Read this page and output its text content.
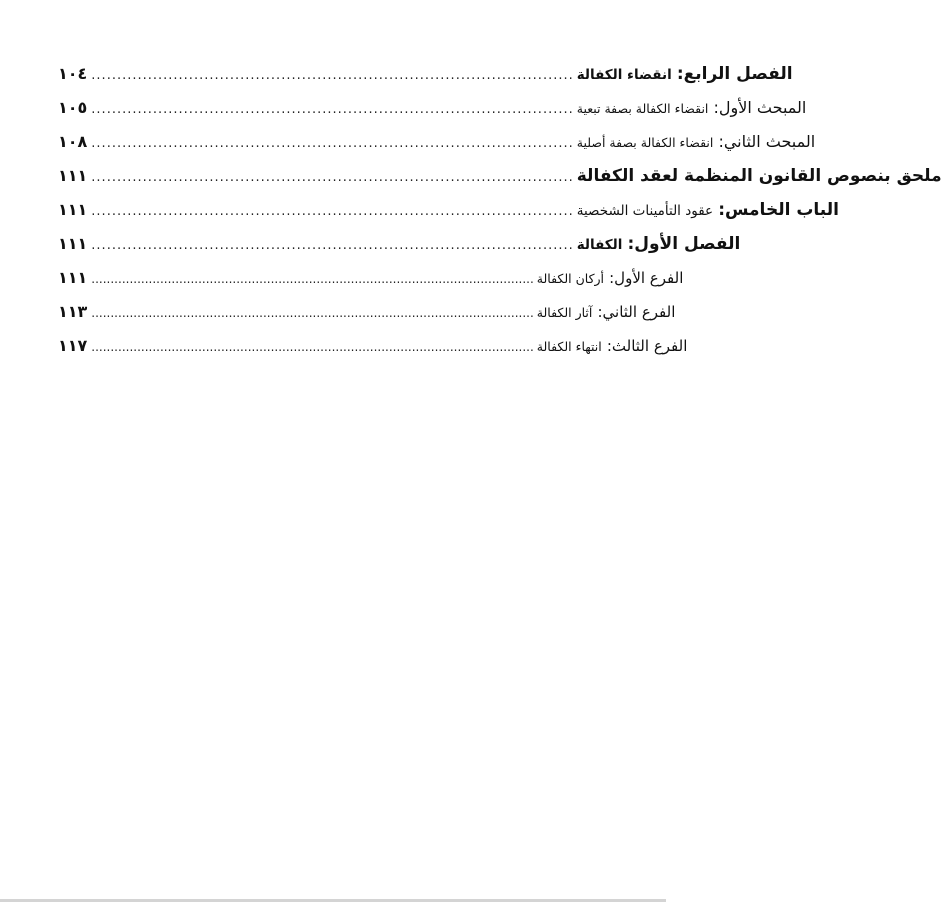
١٠٤ ..............................................................................................	الفصل الرابع: انقضاء الكفالة
١٠٥ ..............................................................................................	المبحث الأول: انقضاء الكفالة بصفة تبعية
١٠٨ ..............................................................................................	المبحث الثاني: انقضاء الكفالة بصفة أصلية
١١١ .............................................................................................. ملحق بنصوص القانون المنظمة لعقد الكفالة
١١١ ..............................................................................................	الباب الخامس: عقود التأمينات الشخصية
١١١ ..............................................................................................	الفصل الأول: الكفالة
١١١ ....................................................................................................................	الفرع الأول: أركان الكفالة
١١٣ ....................................................................................................................	الفرع الثاني: آثار الكفالة
١١٧ ....................................................................................................................	الفرع الثالث: انتهاء الكفالة
